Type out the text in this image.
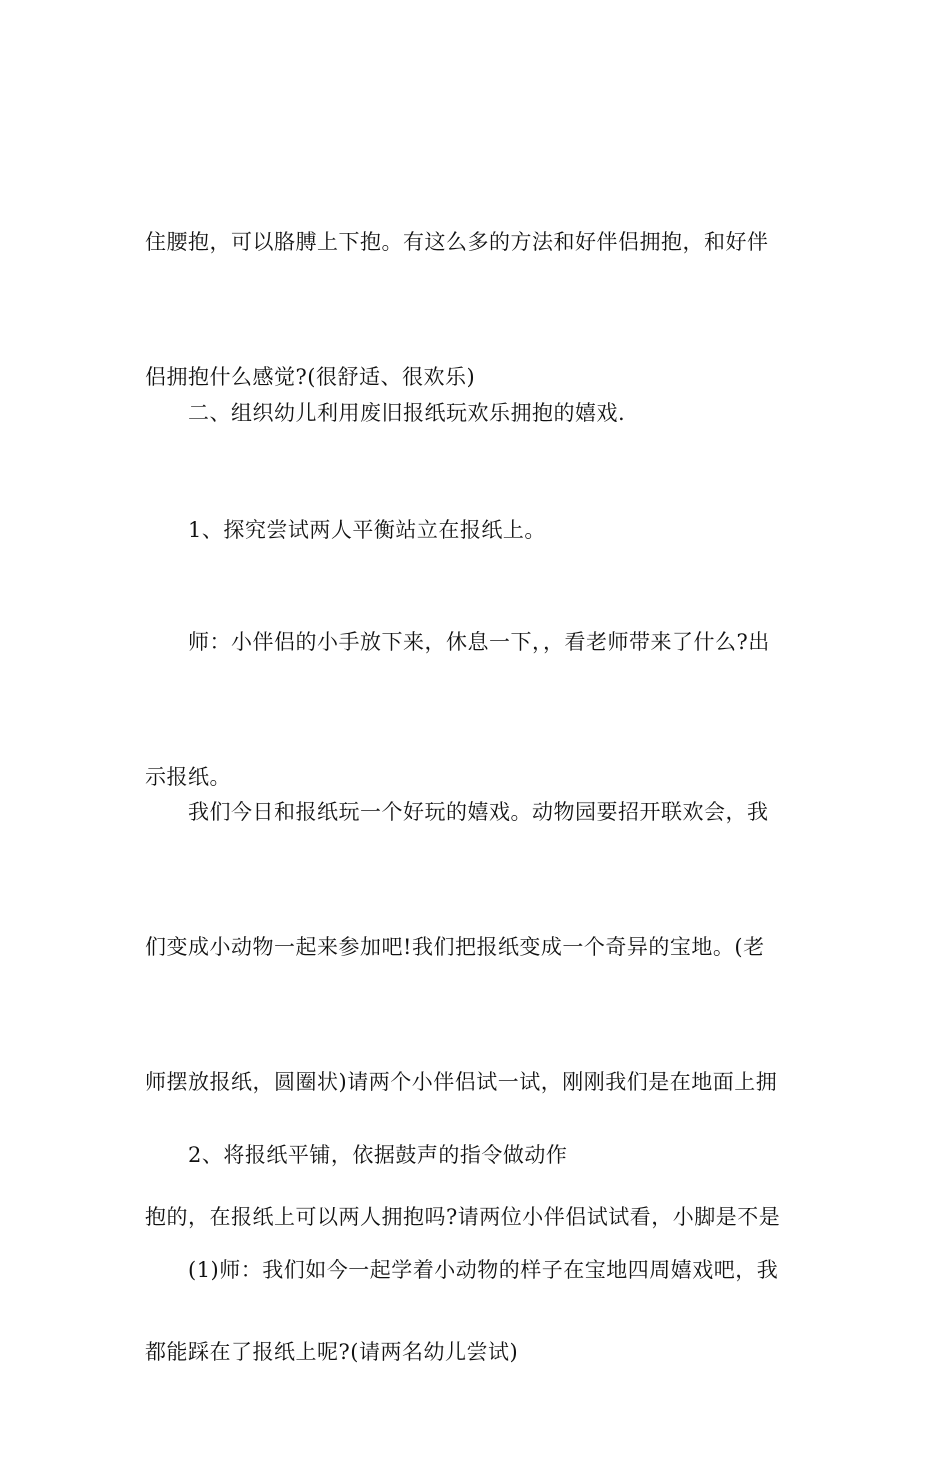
住腰抱，可以胳膊上下抱。有这么多的方法和好伴侣拥抱，和好伴

侣拥抱什么感觉?(很舒适、很欢乐)

　　二、组织幼儿利用废旧报纸玩欢乐拥抱的嬉戏.

　　1、探究尝试两人平衡站立在报纸上。

　　师：小伴侣的小手放下来，休息一下，，看老师带来了什么?出

示报纸。

　　我们今日和报纸玩一个好玩的嬉戏。动物园要招开联欢会，我

们变成小动物一起来参加吧!我们把报纸变成一个奇异的宝地。(老

师摆放报纸，圆圈状)请两个小伴侣试一试，刚刚我们是在地面上拥

抱的，在报纸上可以两人拥抱吗?请两位小伴侣试试看，小脚是不是

都能踩在了报纸上呢?(请两名幼儿尝试)

　　2、将报纸平铺，依据鼓声的指令做动作

　　(1)师：我们如今一起学着小动物的样子在宝地四周嬉戏吧，我
